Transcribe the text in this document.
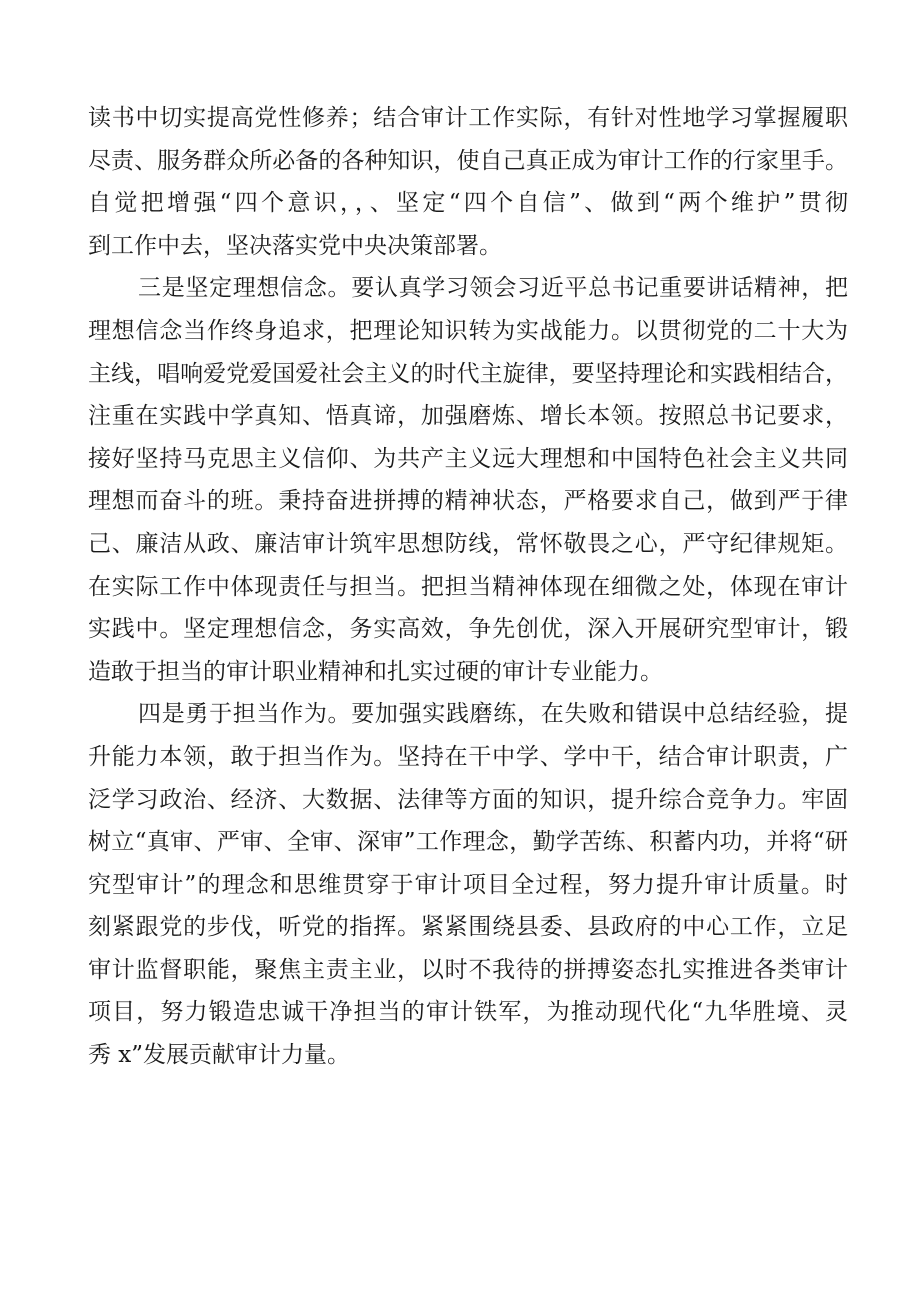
读书中切实提高党性修养；结合审计工作实际，有针对性地学习掌握履职
尽责、服务群众所必备的各种知识，使自己真正成为审计工作的行家里手。
自觉把增强“四个意识，，、坚定“四个自信”、做到“两个维护”贯彻
到工作中去，坚决落实党中央决策部署。
三是坚定理想信念。要认真学习领会习近平总书记重要讲话精神，把
理想信念当作终身追求，把理论知识转为实战能力。以贯彻党的二十大为
主线，唱响爱党爱国爱社会主义的时代主旋律，要坚持理论和实践相结合，
注重在实践中学真知、悟真谛，加强磨炼、增长本领。按照总书记要求，
接好坚持马克思主义信仰、为共产主义远大理想和中国特色社会主义共同
理想而奋斗的班。秉持奋进拼搏的精神状态，严格要求自己，做到严于律
己、廉洁从政、廉洁审计筑牢思想防线，常怀敬畏之心，严守纪律规矩。
在实际工作中体现责任与担当。把担当精神体现在细微之处，体现在审计
实践中。坚定理想信念，务实高效，争先创优，深入开展研究型审计，锻
造敢于担当的审计职业精神和扎实过硬的审计专业能力。
四是勇于担当作为。要加强实践磨练，在失败和错误中总结经验，提
升能力本领，敢于担当作为。坚持在干中学、学中干，结合审计职责，广
泛学习政治、经济、大数据、法律等方面的知识，提升综合竞争力。牢固
树立“真审、严审、全审、深审”工作理念，勤学苦练、积蓄内功，并将“研
究型审计”的理念和思维贯穿于审计项目全过程，努力提升审计质量。时
刻紧跟党的步伐，听党的指挥。紧紧围绕县委、县政府的中心工作，立足
审计监督职能，聚焦主责主业，以时不我待的拼搏姿态扎实推进各类审计
项目，努力锻造忠诚干净担当的审计铁军，为推动现代化“九华胜境、灵
秀 x”发展贡献审计力量。
